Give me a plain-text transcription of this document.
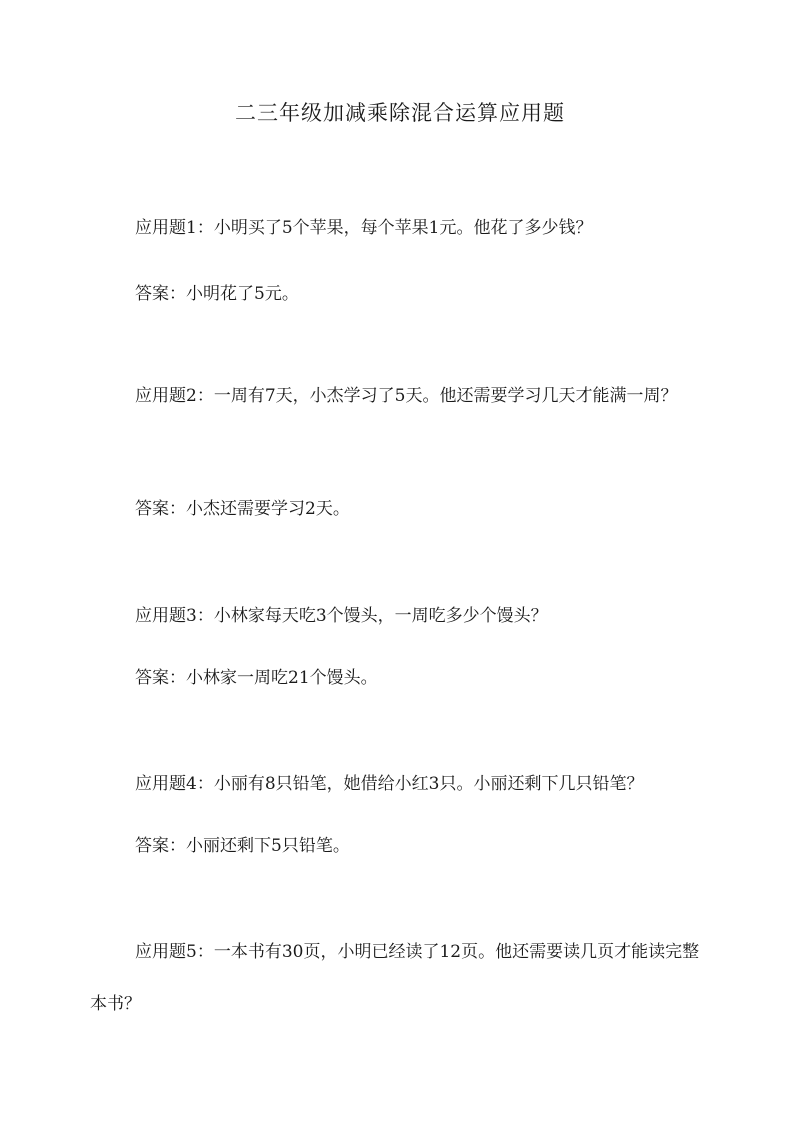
二三年级加减乘除混合运算应用题
应用题1：小明买了5个苹果，每个苹果1元。他花了多少钱？
答案：小明花了5元。
应用题2：一周有7天，小杰学习了5天。他还需要学习几天才能满一周？
答案：小杰还需要学习2天。
应用题3：小林家每天吃3个馒头，一周吃多少个馒头？
答案：小林家一周吃21个馒头。
应用题4：小丽有8只铅笔，她借给小红3只。小丽还剩下几只铅笔？
答案：小丽还剩下5只铅笔。
应用题5：一本书有30页，小明已经读了12页。他还需要读几页才能读完整本书？
